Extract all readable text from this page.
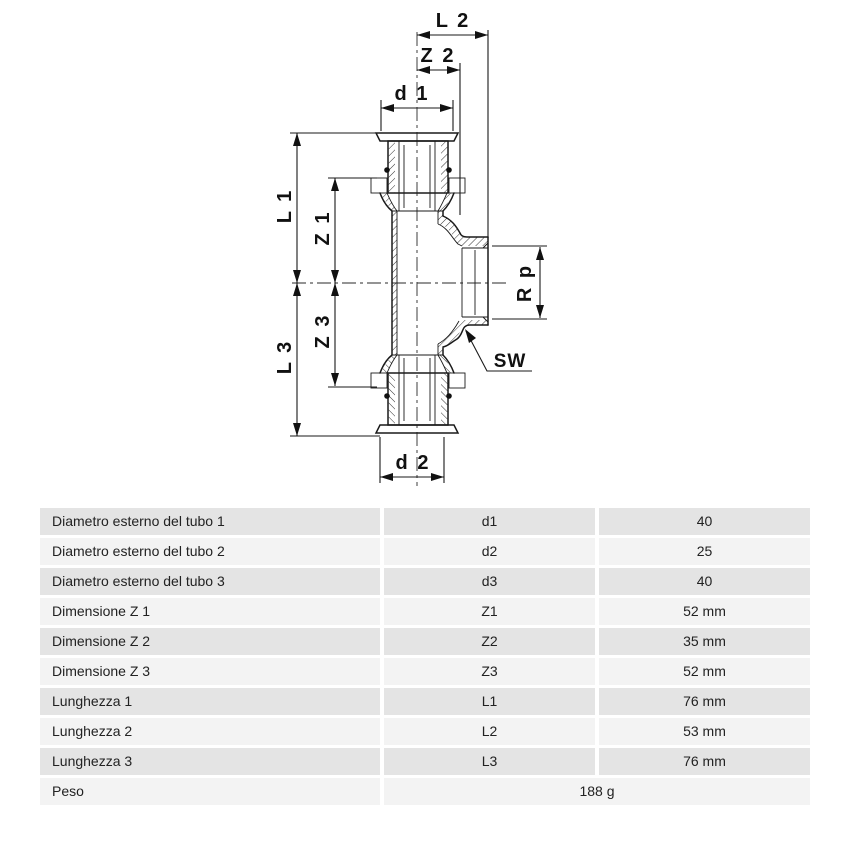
L 2
Z 2
d 1
L 1
L 3
Z 1
Z 3
R p
d 2
SW
Diametro esterno del tubo 1	d1	40
Diametro esterno del tubo 2	d2	25
Diametro esterno del tubo 3	d3	40
Dimensione Z 1	Z1	52 mm
Dimensione Z 2	Z2	35 mm
Dimensione Z 3	Z3	52 mm
Lunghezza 1	L1	76 mm
Lunghezza 2	L2	53 mm
Lunghezza 3	L3	76 mm
Peso	188 g
